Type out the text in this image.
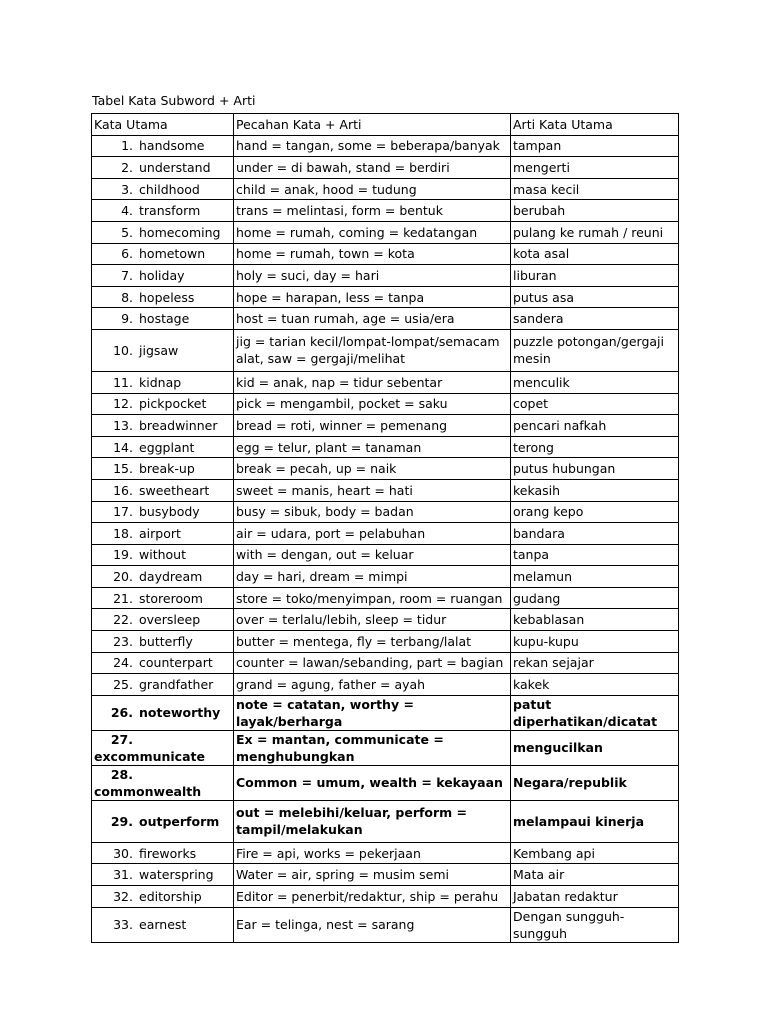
Tabel Kata Subword + Arti
Kata Utama	Pecahan Kata + Arti	Arti Kata Utama
1. handsome	hand = tangan, some = beberapa/banyak	tampan
2. understand	under = di bawah, stand = berdiri	mengerti
3. childhood	child = anak, hood = tudung	masa kecil
4. transform	trans = melintasi, form = bentuk	berubah
5. homecoming	home = rumah, coming = kedatangan	pulang ke rumah / reuni
6. hometown	home = rumah, town = kota	kota asal
7. holiday	holy = suci, day = hari	liburan
8. hopeless	hope = harapan, less = tanpa	putus asa
9. hostage	host = tuan rumah, age = usia/era	sandera
10. jigsaw	jig = tarian kecil/lompat-lompat/semacam alat, saw = gergaji/melihat	puzzle potongan/gergaji mesin
11. kidnap	kid = anak, nap = tidur sebentar	menculik
12. pickpocket	pick = mengambil, pocket = saku	copet
13. breadwinner	bread = roti, winner = pemenang	pencari nafkah
14. eggplant	egg = telur, plant = tanaman	terong
15. break-up	break = pecah, up = naik	putus hubungan
16. sweetheart	sweet = manis, heart = hati	kekasih
17. busybody	busy = sibuk, body = badan	orang kepo
18. airport	air = udara, port = pelabuhan	bandara
19. without	with = dengan, out = keluar	tanpa
20. daydream	day = hari, dream = mimpi	melamun
21. storeroom	store = toko/menyimpan, room = ruangan	gudang
22. oversleep	over = terlalu/lebih, sleep = tidur	kebablasan
23. butterfly	butter = mentega, fly = terbang/lalat	kupu-kupu
24. counterpart	counter = lawan/sebanding, part = bagian	rekan sejajar
25. grandfather	grand = agung, father = ayah	kakek
26. noteworthy	note = catatan, worthy = layak/berharga	patut diperhatikan/dicatat
27.excommunicate	Ex = mantan, communicate = menghubungkan	mengucilkan
28.commonwealth	Common = umum, wealth = kekayaan	Negara/republik
29. outperform	out = melebihi/keluar, perform = tampil/melakukan	melampaui kinerja
30. fireworks	Fire = api, works = pekerjaan	Kembang api
31. waterspring	Water = air, spring = musim semi	Mata air
32. editorship	Editor = penerbit/redaktur, ship = perahu	Jabatan redaktur
33. earnest	Ear = telinga, nest = sarang	Dengan sungguh-sungguh
